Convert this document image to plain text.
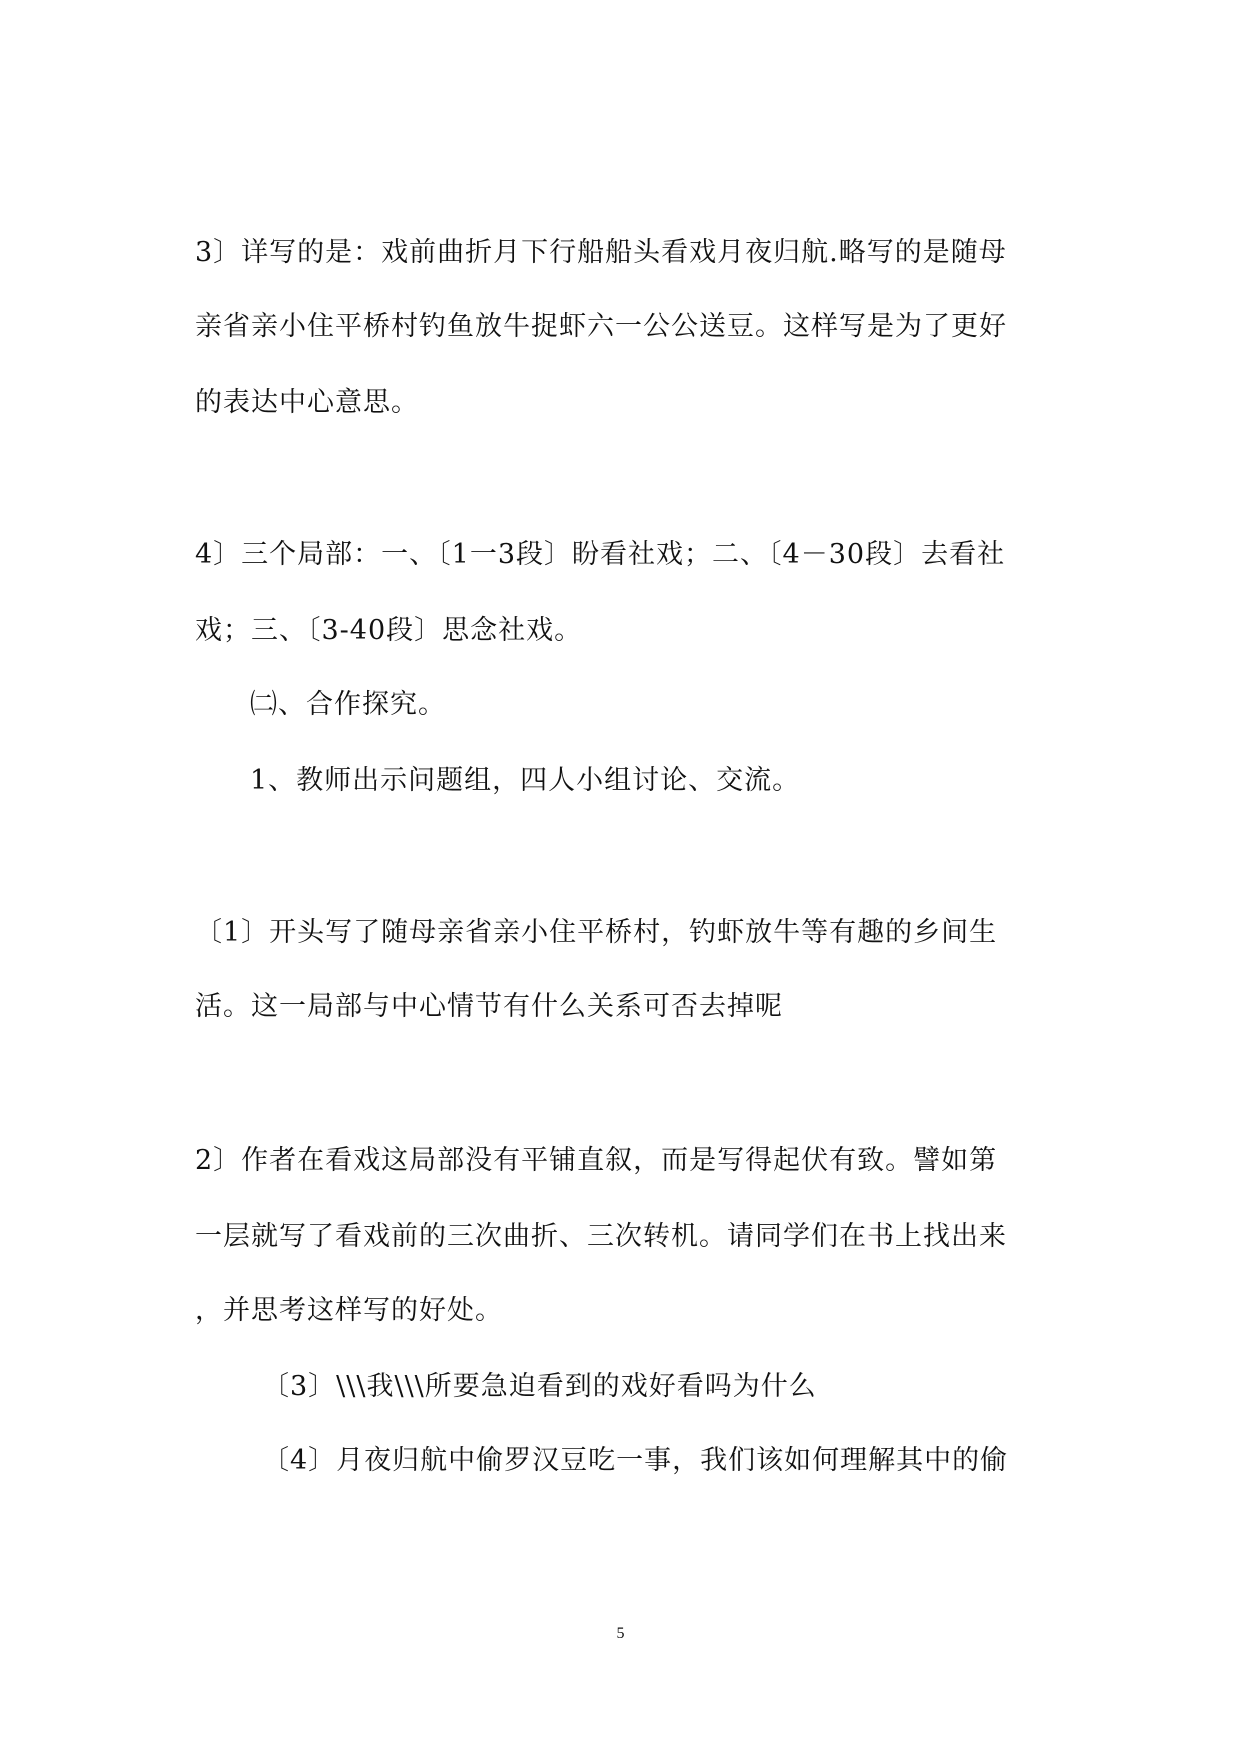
3〕详写的是：戏前曲折月下行船船头看戏月夜归航.略写的是随母
亲省亲小住平桥村钓鱼放牛捉虾六一公公送豆。这样写是为了更好
的表达中心意思。
4〕三个局部：一、〔1一3段〕盼看社戏；二、〔4－30段〕去看社
戏；三、〔3-40段〕思念社戏。
㈡、合作探究。
1、教师出示问题组，四人小组讨论、交流。
〔1〕开头写了随母亲省亲小住平桥村，钓虾放牛等有趣的乡间生
活。这一局部与中心情节有什么关系可否去掉呢
2〕作者在看戏这局部没有平铺直叙，而是写得起伏有致。譬如第
一层就写了看戏前的三次曲折、三次转机。请同学们在书上找出来
，并思考这样写的好处。
〔3〕\\\我\\\所要急迫看到的戏好看吗为什么
〔4〕月夜归航中偷罗汉豆吃一事，我们该如何理解其中的偷
5
